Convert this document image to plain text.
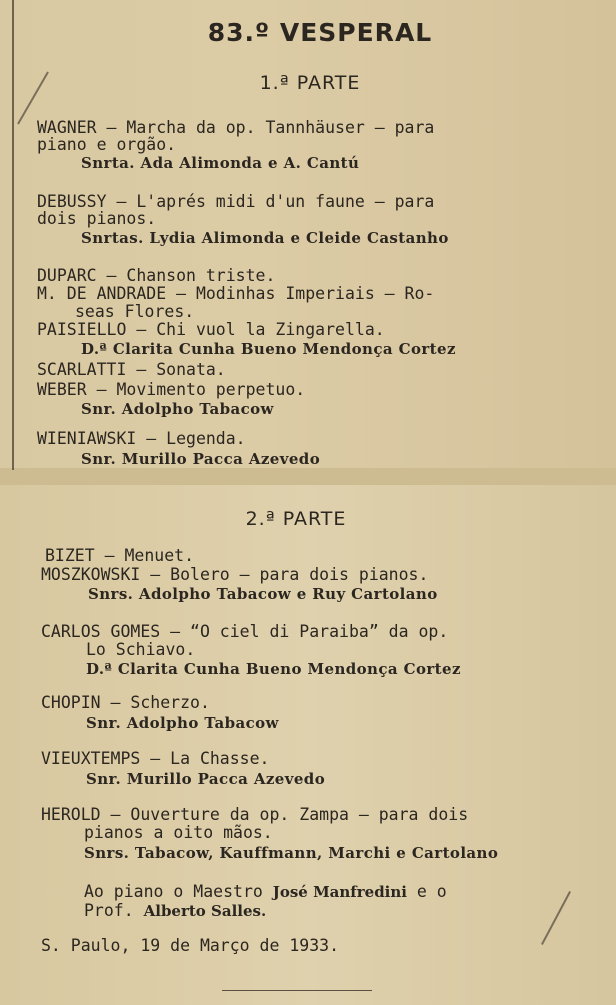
83.º VESPERAL
1.ª PARTE
WAGNER — Marcha da op. Tannhäuser — para
piano e orgão.
Snrta. Ada Alimonda e A. Cantú
DEBUSSY — L'aprés midi d'un faune — para
dois pianos.
Snrtas. Lydia Alimonda e Cleide Castanho
DUPARC — Chanson triste.
M. DE ANDRADE — Modinhas Imperiais — Ro-
seas Flores.
PAISIELLO — Chi vuol la Zingarella.
D.ª Clarita Cunha Bueno Mendonça Cortez
SCARLATTI — Sonata.
WEBER — Movimento perpetuo.
Snr. Adolpho Tabacow
WIENIAWSKI — Legenda.
Snr. Murillo Pacca Azevedo
2.ª PARTE
BIZET — Menuet.
MOSZKOWSKI — Bolero — para dois pianos.
Snrs. Adolpho Tabacow e Ruy Cartolano
CARLOS GOMES — “O ciel di Paraiba” da op.
Lo Schiavo.
D.ª Clarita Cunha Bueno Mendonça Cortez
CHOPIN — Scherzo.
Snr. Adolpho Tabacow
VIEUXTEMPS — La Chasse.
Snr. Murillo Pacca Azevedo
HEROLD — Ouverture da op. Zampa — para dois
pianos a oito mãos.
Snrs. Tabacow, Kauffmann, Marchi e Cartolano
Ao piano o Maestro José Manfredini e o
Prof. Alberto Salles.
S. Paulo, 19 de Março de 1933.
